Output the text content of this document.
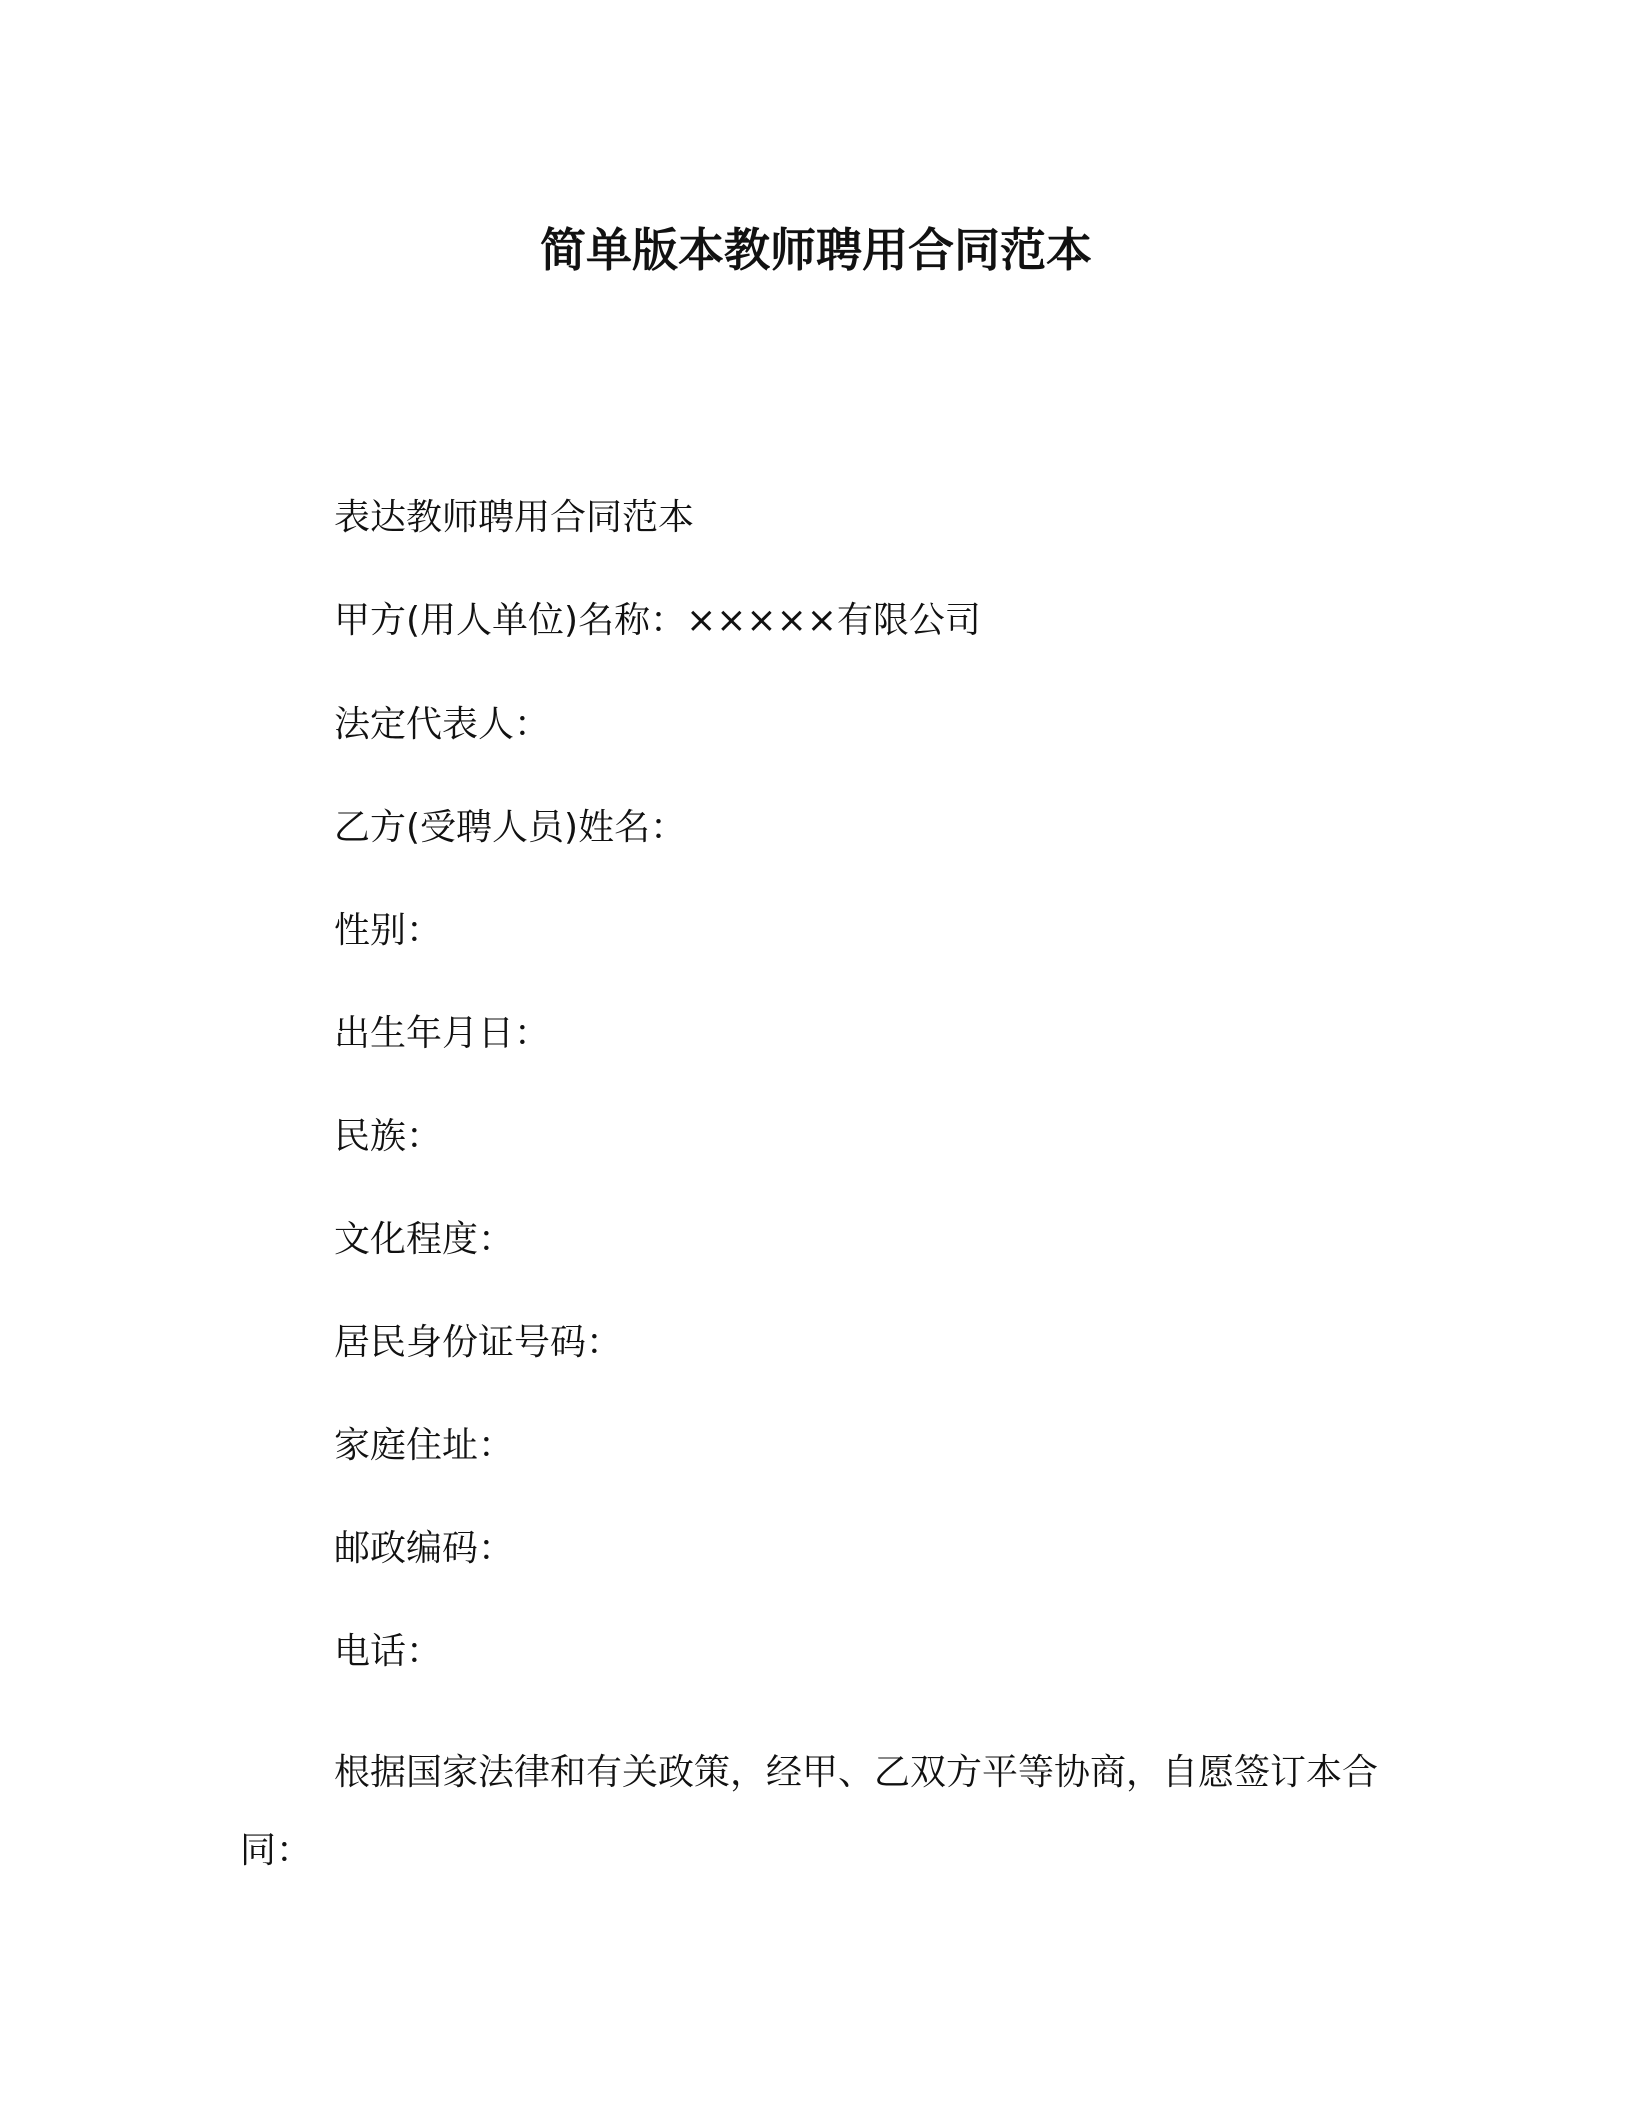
简单版本教师聘用合同范本

表达教师聘用合同范本

甲方(用人单位)名称：×××××有限公司

法定代表人：

乙方(受聘人员)姓名：

性别：

出生年月日：

民族：

文化程度：

居民身份证号码：

家庭住址：

邮政编码：

电话：

根据国家法律和有关政策，经甲、乙双方平等协商，自愿签订本合同：
